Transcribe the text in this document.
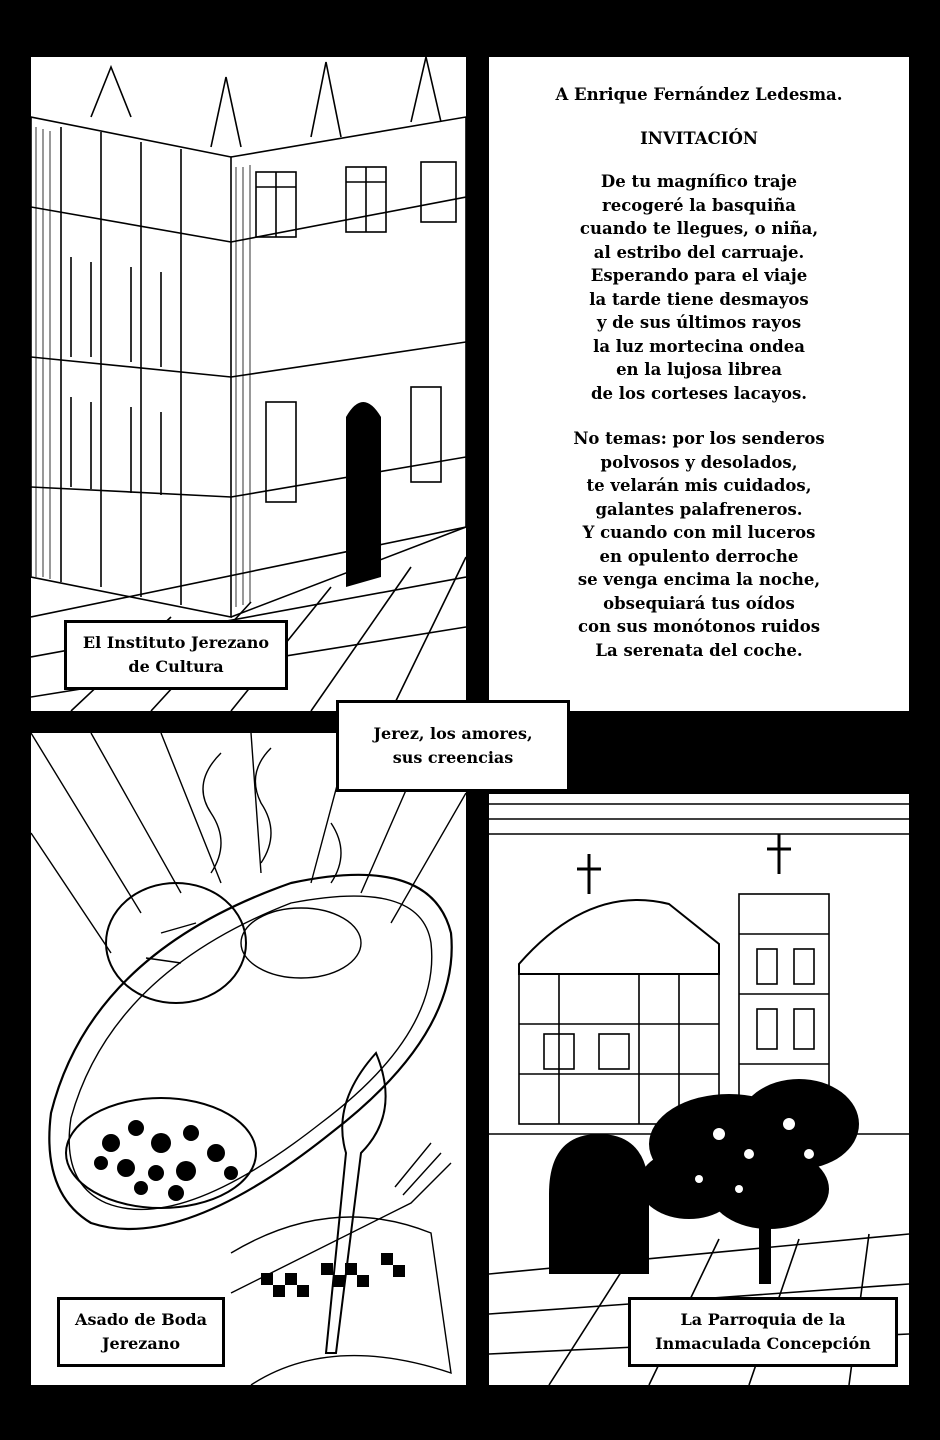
A Enrique Fernández Ledesma.
INVITACIÓN
De tu magnífico traje
recogeré la basquiña
cuando te llegues, o niña,
al estribo del carruaje.
Esperando para el viaje
la tarde tiene desmayos
y de sus últimos rayos
la luz mortecina ondea
en la lujosa librea
de los corteses lacayos.
No temas: por los senderos
polvosos y desolados,
te velarán mis cuidados,
galantes palafreneros.
Y cuando con mil luceros
en opulento derroche
se venga encima la noche,
obsequiará tus oídos
con sus monótonos ruidos
La serenata del coche.
El Instituto Jerezano
de Cultura
Jerez, los amores,
sus creencias
Asado de Boda
Jerezano
La Parroquia de la
Inmaculada Concepción
